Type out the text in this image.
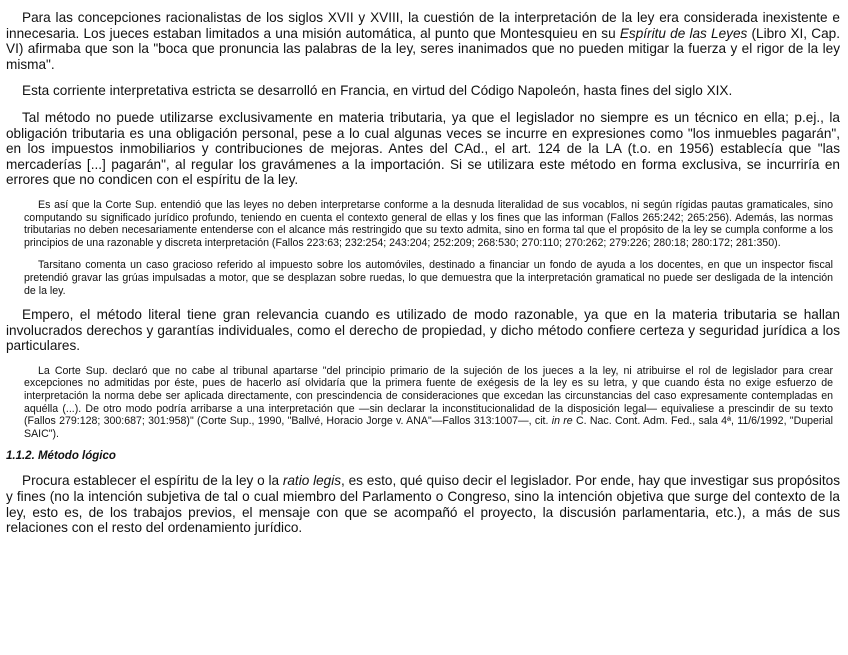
Para las concepciones racionalistas de los siglos XVII y XVIII, la cuestión de la interpretación de la ley era considerada inexistente e innecesaria. Los jueces estaban limitados a una misión automática, al punto que Montesquieu en su Espíritu de las Leyes (Libro XI, Cap. VI) afirmaba que son la "boca que pronuncia las palabras de la ley, seres inanimados que no pueden mitigar la fuerza y el rigor de la ley misma".

Esta corriente interpretativa estricta se desarrolló en Francia, en virtud del Código Napoleón, hasta fines del siglo XIX.

Tal método no puede utilizarse exclusivamente en materia tributaria, ya que el legislador no siempre es un técnico en ella; p.ej., la obligación tributaria es una obligación personal, pese a lo cual algunas veces se incurre en expresiones como "los inmuebles pagarán", en los impuestos inmobiliarios y contribuciones de mejoras. Antes del CAd., el art. 124 de la LA (t.o. en 1956) establecía que "las mercaderías [...] pagarán", al regular los gravámenes a la importación. Si se utilizara este método en forma exclusiva, se incurriría en errores que no condicen con el espíritu de la ley.

Es así que la Corte Sup. entendió que las leyes no deben interpretarse conforme a la desnuda literalidad de sus vocablos, ni según rígidas pautas gramaticales, sino computando su significado jurídico profundo, teniendo en cuenta el contexto general de ellas y los fines que las informan (Fallos 265:242; 265:256). Además, las normas tributarias no deben necesariamente entenderse con el alcance más restringido que su texto admita, sino en forma tal que el propósito de la ley se cumpla conforme a los principios de una razonable y discreta interpretación (Fallos 223:63; 232:254; 243:204; 252:209; 268:530; 270:110; 270:262; 279:226; 280:18; 280:172; 281:350).

Tarsitano comenta un caso gracioso referido al impuesto sobre los automóviles, destinado a financiar un fondo de ayuda a los docentes, en que un inspector fiscal pretendió gravar las grúas impulsadas a motor, que se desplazan sobre ruedas, lo que demuestra que la interpretación gramatical no puede ser desligada de la intención de la ley.

Empero, el método literal tiene gran relevancia cuando es utilizado de modo razonable, ya que en la materia tributaria se hallan involucrados derechos y garantías individuales, como el derecho de propiedad, y dicho método confiere certeza y seguridad jurídica a los particulares.

La Corte Sup. declaró que no cabe al tribunal apartarse "del principio primario de la sujeción de los jueces a la ley, ni atribuirse el rol de legislador para crear excepciones no admitidas por éste, pues de hacerlo así olvidaría que la primera fuente de exégesis de la ley es su letra, y que cuando ésta no exige esfuerzo de interpretación la norma debe ser aplicada directamente, con prescindencia de consideraciones que excedan las circunstancias del caso expresamente contempladas en aquélla (...). De otro modo podría arribarse a una interpretación que —sin declarar la inconstitucionalidad de la disposición legal— equivaliese a prescindir de su texto (Fallos 279:128; 300:687; 301:958)" (Corte Sup., 1990, "Ballvé, Horacio Jorge v. ANA"—Fallos 313:1007—, cit. in re C. Nac. Cont. Adm. Fed., sala 4ª, 11/6/1992, "Duperial SAIC").

1.1.2. Método lógico

Procura establecer el espíritu de la ley o la ratio legis, es esto, qué quiso decir el legislador. Por ende, hay que investigar sus propósitos y fines (no la intención subjetiva de tal o cual miembro del Parlamento o Congreso, sino la intención objetiva que surge del contexto de la ley, esto es, de los trabajos previos, el mensaje con que se acompañó el proyecto, la discusión parlamentaria, etc.), a más de sus relaciones con el resto del ordenamiento jurídico.
